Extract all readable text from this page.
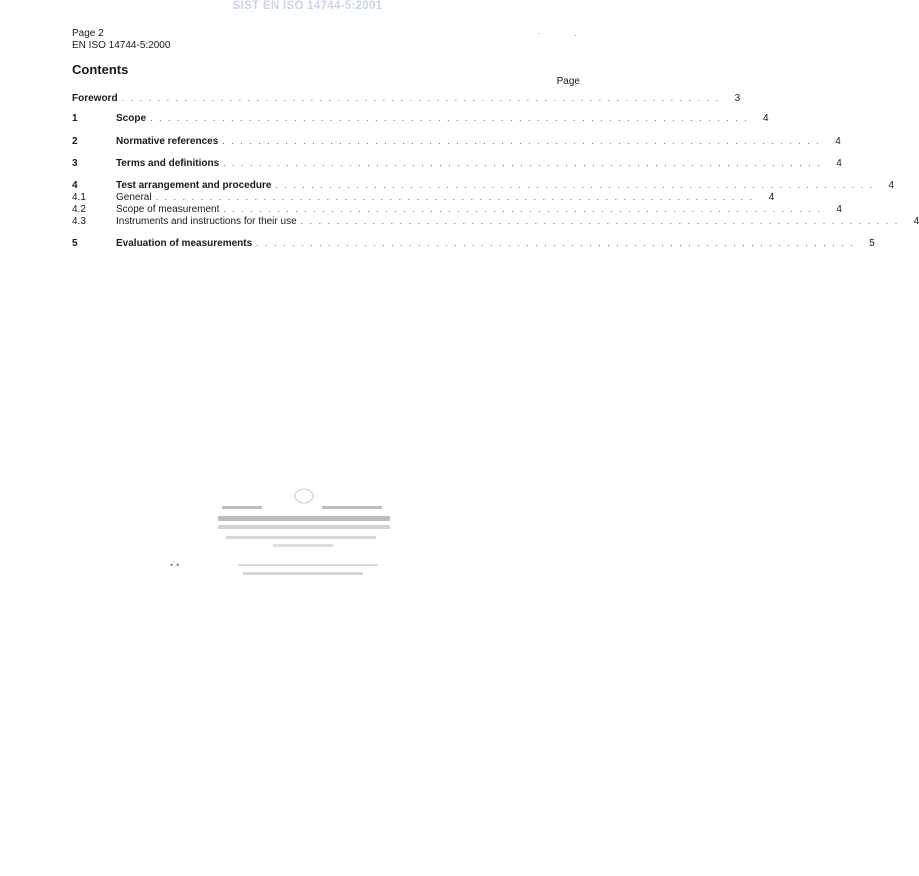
SIST EN ISO 14744-5:2001
Page 2
EN ISO 14744-5:2000
Contents
Page
Foreword . . . . . . . . . . . . . . . . . . . . . . . . . . . . . . . . . . . . . . . . . . . . . . . . . . . . . . . . . . . . . . . . . . .	3
1	Scope . . . . . . . . . . . . . . . . . . . . . . . . . . . . . . . . . . . . . . . . . . . . . . . . . . . . . . . . . . . . . . . . . . .	4
2	Normative references . . . . . . . . . . . . . . . . . . . . . . . . . . . . . . . . . . . . . . . . . . . . . . . . . . . . . . . . . . . . . . . . . . .	4
3	Terms and definitions . . . . . . . . . . . . . . . . . . . . . . . . . . . . . . . . . . . . . . . . . . . . . . . . . . . . . . . . . . . . . . . . . . .	4
4	Test arrangement and procedure . . . . . . . . . . . . . . . . . . . . . . . . . . . . . . . . . . . . . . . . . . . . . . . . . . . . . . . . . . . . . . . . . . .	4
4.1	General . . . . . . . . . . . . . . . . . . . . . . . . . . . . . . . . . . . . . . . . . . . . . . . . . . . . . . . . . . . . . . . . . . .	4
4.2	Scope of measurement . . . . . . . . . . . . . . . . . . . . . . . . . . . . . . . . . . . . . . . . . . . . . . . . . . . . . . . . . . . . . . . . . . .	4
4.3	Instruments and instructions for their use . . . . . . . . . . . . . . . . . . . . . . . . . . . . . . . . . . . . . . . . . . . . . . . . . . . . . . . . . . . . . . . . . . .	4
5	Evaluation of measurements . . . . . . . . . . . . . . . . . . . . . . . . . . . . . . . . . . . . . . . . . . . . . . . . . . . . . . . . . . . . . . . . . . .	5
•˙•
·	·
